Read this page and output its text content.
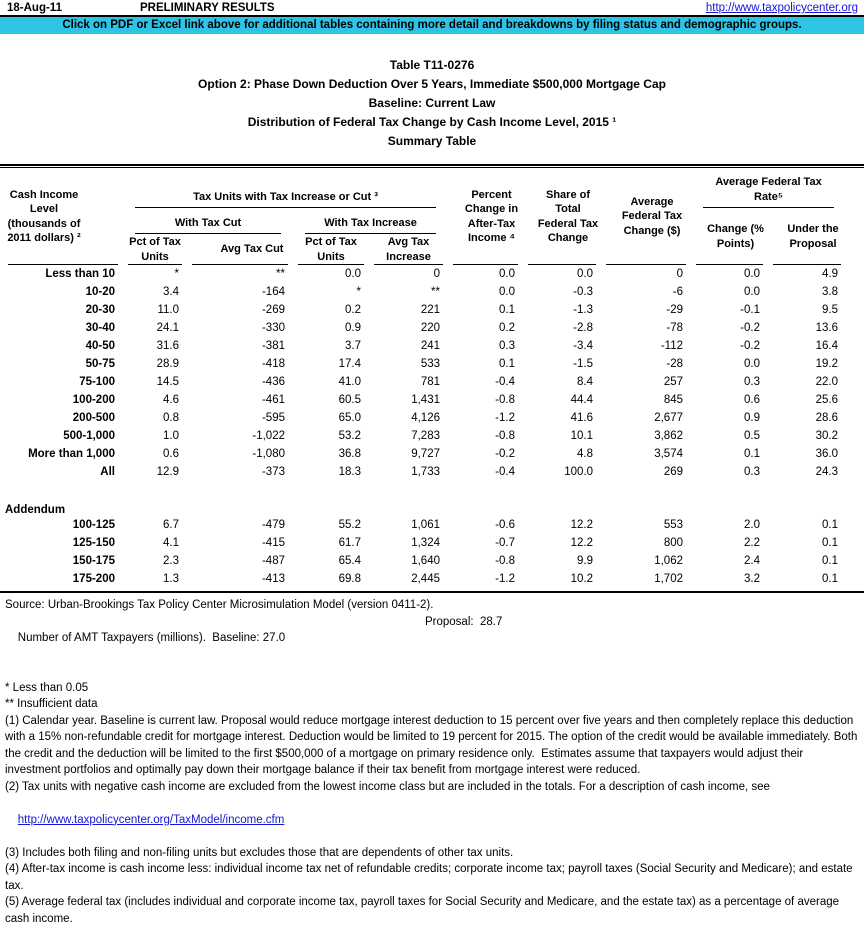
18-Aug-11	PRELIMINARY RESULTS	http://www.taxpolicycenter.org
Click on PDF or Excel link above for additional tables containing more detail and breakdowns by filing status and demographic groups.
Table T11-0276
Option 2: Phase Down Deduction Over 5 Years, Immediate $500,000 Mortgage Cap
Baseline: Current Law
Distribution of Federal Tax Change by Cash Income Level, 2015 ¹
Summary Table
Cash Income Level (thousands of 2011 dollars) ²	Tax Units with Tax Increase or Cut ³				Percent Change in After-Tax Income ⁴	Share of Total Federal Tax Change	Average Federal Tax Change ($)	Average Federal Tax Rate⁵	

	With Tax Cut		With Tax Increase					Change (% Points)	Under the Proposal
	Pct of Tax Units	Avg Tax Cut	Pct of Tax Units	Avg Tax Increase					
Less than 10	*	**	0.0	0	0.0	0.0	0	0.0	4.9
10-20	3.4	-164	*	**	0.0	-0.3	-6	0.0	3.8
20-30	11.0	-269	0.2	221	0.1	-1.3	-29	-0.1	9.5
30-40	24.1	-330	0.9	220	0.2	-2.8	-78	-0.2	13.6
40-50	31.6	-381	3.7	241	0.3	-3.4	-112	-0.2	16.4
50-75	28.9	-418	17.4	533	0.1	-1.5	-28	0.0	19.2
75-100	14.5	-436	41.0	781	-0.4	8.4	257	0.3	22.0
100-200	4.6	-461	60.5	1,431	-0.8	44.4	845	0.6	25.6
200-500	0.8	-595	65.0	4,126	-1.2	41.6	2,677	0.9	28.6
500-1,000	1.0	-1,022	53.2	7,283	-0.8	10.1	3,862	0.5	30.2
More than 1,000	0.6	-1,080	36.8	9,727	-0.2	4.8	3,574	0.1	36.0
All	12.9	-373	18.3	1,733	-0.4	100.0	269	0.3	24.3

Addendum									
100-125	6.7	-479	55.2	1,061	-0.6	12.2	553	2.0	0.1
125-150	4.1	-415	61.7	1,324	-0.7	12.2	800	2.2	0.1
150-175	2.3	-487	65.4	1,640	-0.8	9.9	1,062	2.4	0.1
175-200	1.3	-413	69.8	2,445	-1.2	10.2	1,702	3.2	0.1
Source: Urban-Brookings Tax Policy Center Microsimulation Model (version 0411-2).

Number of AMT Taxpayers (millions).  Baseline: 27.0

Proposal:  28.7

* Less than 0.05
** Insufficient data
(1) Calendar year. Baseline is current law. Proposal would reduce mortgage interest deduction to 15 percent over five years and then completely replace this deduction with a 15% non-refundable credit for mortgage interest. Deduction would be limited to 19 percent for 2015. The option of the credit would be available immediately. Both the credit and the deduction will be limited to the first $500,000 of a mortgage on primary residence only.  Estimates assume that taxpayers would adjust their investment portfolios and optimally pay down their mortgage balance if their tax benefit from mortgage interest were reduced.
(2) Tax units with negative cash income are excluded from the lowest income class but are included in the totals. For a description of cash income, see

http://www.taxpolicycenter.org/TaxModel/income.cfm

(3) Includes both filing and non-filing units but excludes those that are dependents of other tax units.
(4) After-tax income is cash income less: individual income tax net of refundable credits; corporate income tax; payroll taxes (Social Security and Medicare); and estate tax.
(5) Average federal tax (includes individual and corporate income tax, payroll taxes for Social Security and Medicare, and the estate tax) as a percentage of average cash income.
